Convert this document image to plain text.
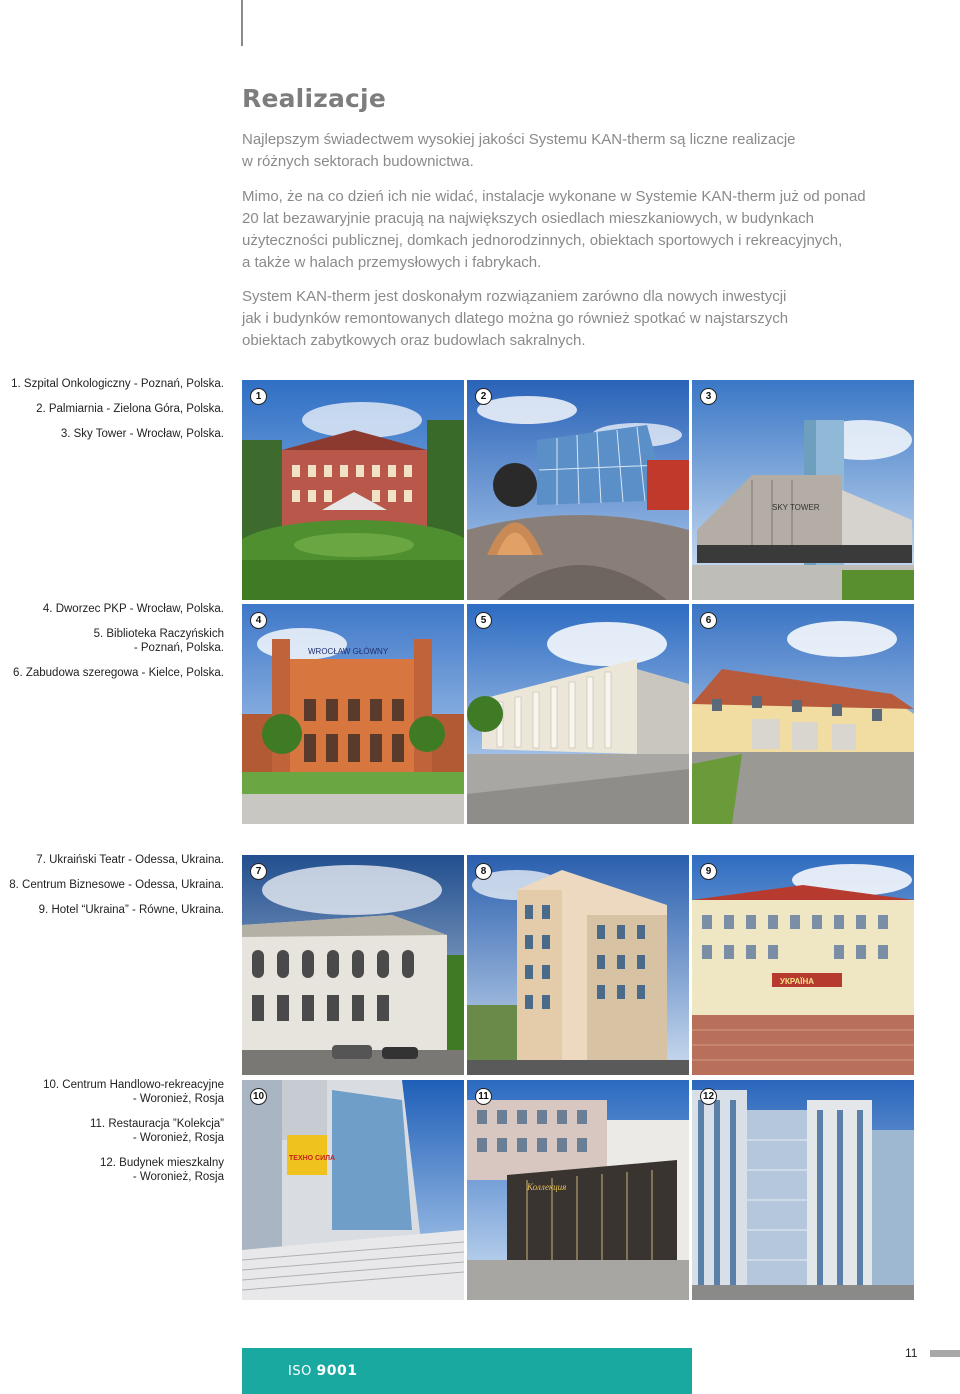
Realizacje

Najlepszym świadectwem wysokiej jakości Systemu KAN-therm są liczne realizacje
w różnych sektorach budownictwa.

Mimo, że na co dzień ich nie widać, instalacje wykonane w Systemie KAN-therm już od ponad
20 lat bezawaryjnie pracują na największych osiedlach mieszkaniowych, w budynkach
użyteczności publicznej, domkach jednorodzinnych, obiektach sportowych i rekreacyjnych,
a także w halach przemysłowych i fabrykach.

System KAN-therm jest doskonałym rozwiązaniem zarówno dla nowych inwestycji
jak i budynków remontowanych dlatego można go również spotkać w najstarszych
obiektach zabytkowych oraz budowlach sakralnych.

1. Szpital Onkologiczny - Poznań, Polska.
2. Palmiarnia - Zielona Góra, Polska.
3. Sky Tower - Wrocław, Polska.
4. Dworzec PKP - Wrocław, Polska.
5. Biblioteka Raczyńskich
- Poznań, Polska.
6. Zabudowa szeregowa - Kielce, Polska.
7. Ukraiński Teatr - Odessa, Ukraina.
8. Centrum Biznesowe - Odessa, Ukraina.
9. Hotel “Ukraina” - Równe, Ukraina.
10. Centrum Handlowo-rekreacyjne
- Woronież, Rosja
11. Restauracja ”Kolekcja”
- Woronież, Rosja
12. Budynek mieszkalny
- Woronież, Rosja
1	2	3
SKY TOWER
4
WROCŁAW GŁÓWNY
5	6
7	8	9
УКРАЇНА
10
ТЕХНО СИЛА
11
Коллекция
12
ISO 9001
11
